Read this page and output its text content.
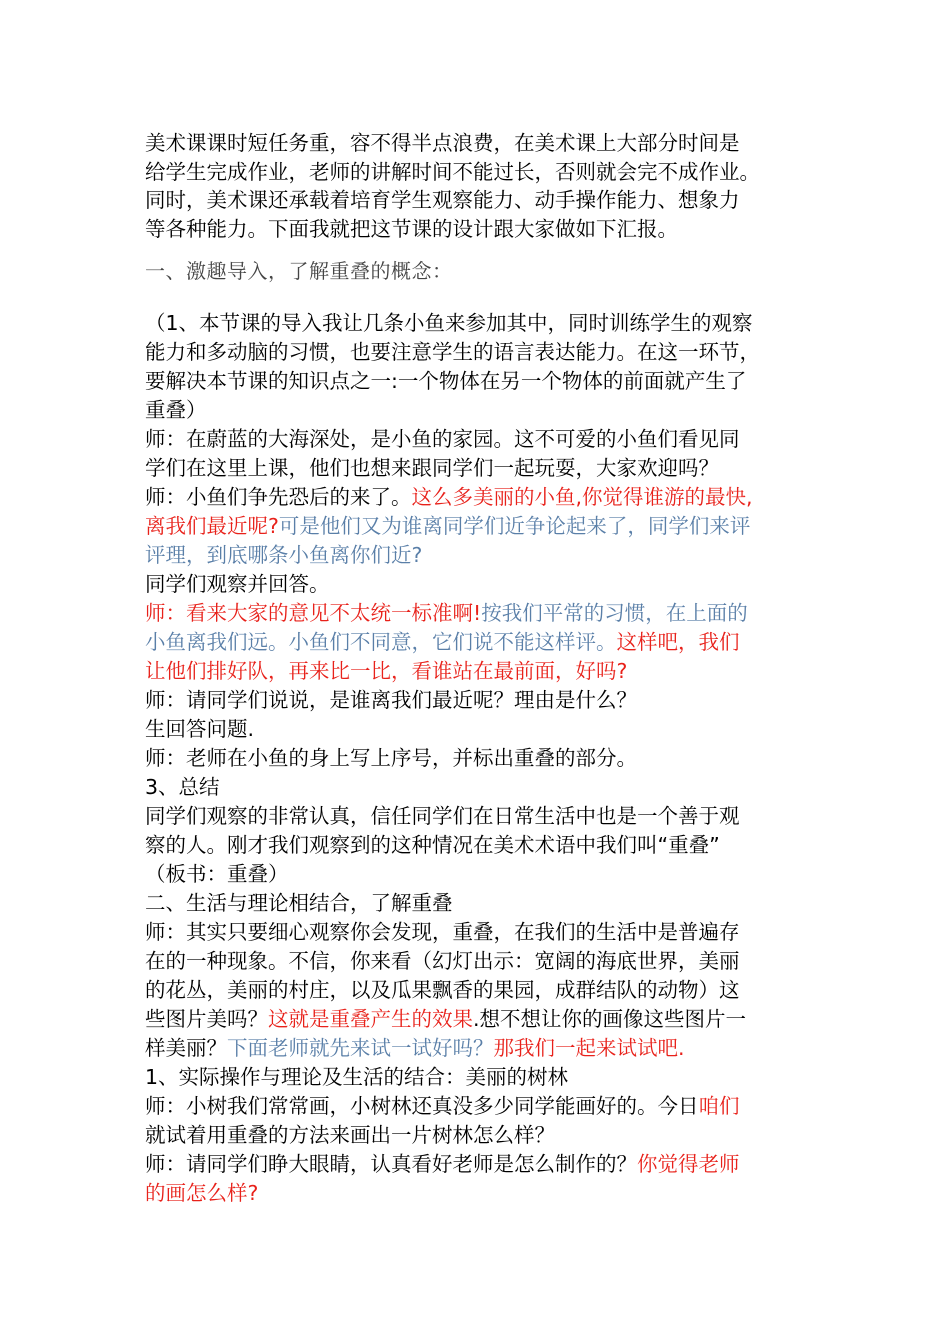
美术课课时短任务重，容不得半点浪费，在美术课上大部分时间是
给学生完成作业，老师的讲解时间不能过长，否则就会完不成作业。
同时，美术课还承载着培育学生观察能力、动手操作能力、想象力
等各种能力。下面我就把这节课的设计跟大家做如下汇报。
一、激趣导入，了解重叠的概念：
（1、本节课的导入我让几条小鱼来参加其中，同时训练学生的观察
能力和多动脑的习惯，也要注意学生的语言表达能力。在这一环节，
要解决本节课的知识点之一:一个物体在另一个物体的前面就产生了
重叠）
师：在蔚蓝的大海深处，是小鱼的家园。这不可爱的小鱼们看见同
学们在这里上课，他们也想来跟同学们一起玩耍，大家欢迎吗？
师：小鱼们争先恐后的来了。这么多美丽的小鱼,你觉得谁游的最快,
离我们最近呢?可是他们又为谁离同学们近争论起来了，同学们来评
评理，到底哪条小鱼离你们近?
同学们观察并回答。
师：看来大家的意见不太统一标准啊!按我们平常的习惯，在上面的
小鱼离我们远。小鱼们不同意，它们说不能这样评。这样吧，我们
让他们排好队，再来比一比，看谁站在最前面，好吗?
师：请同学们说说，是谁离我们最近呢？理由是什么？
生回答问题.
师：老师在小鱼的身上写上序号，并标出重叠的部分。
3、总结
同学们观察的非常认真，信任同学们在日常生活中也是一个善于观
察的人。刚才我们观察到的这种情况在美术术语中我们叫“重叠”
（板书：重叠）
二、生活与理论相结合，了解重叠
师：其实只要细心观察你会发现，重叠，在我们的生活中是普遍存
在的一种现象。不信，你来看（幻灯出示：宽阔的海底世界，美丽
的花丛，美丽的村庄，以及瓜果飘香的果园，成群结队的动物）这
些图片美吗？这就是重叠产生的效果.想不想让你的画像这些图片一
样美丽？下面老师就先来试一试好吗？那我们一起来试试吧.
1、实际操作与理论及生活的结合：美丽的树林
师：小树我们常常画，小树林还真没多少同学能画好的。今日咱们
就试着用重叠的方法来画出一片树林怎么样？
师：请同学们睁大眼睛，认真看好老师是怎么制作的？你觉得老师
的画怎么样?
